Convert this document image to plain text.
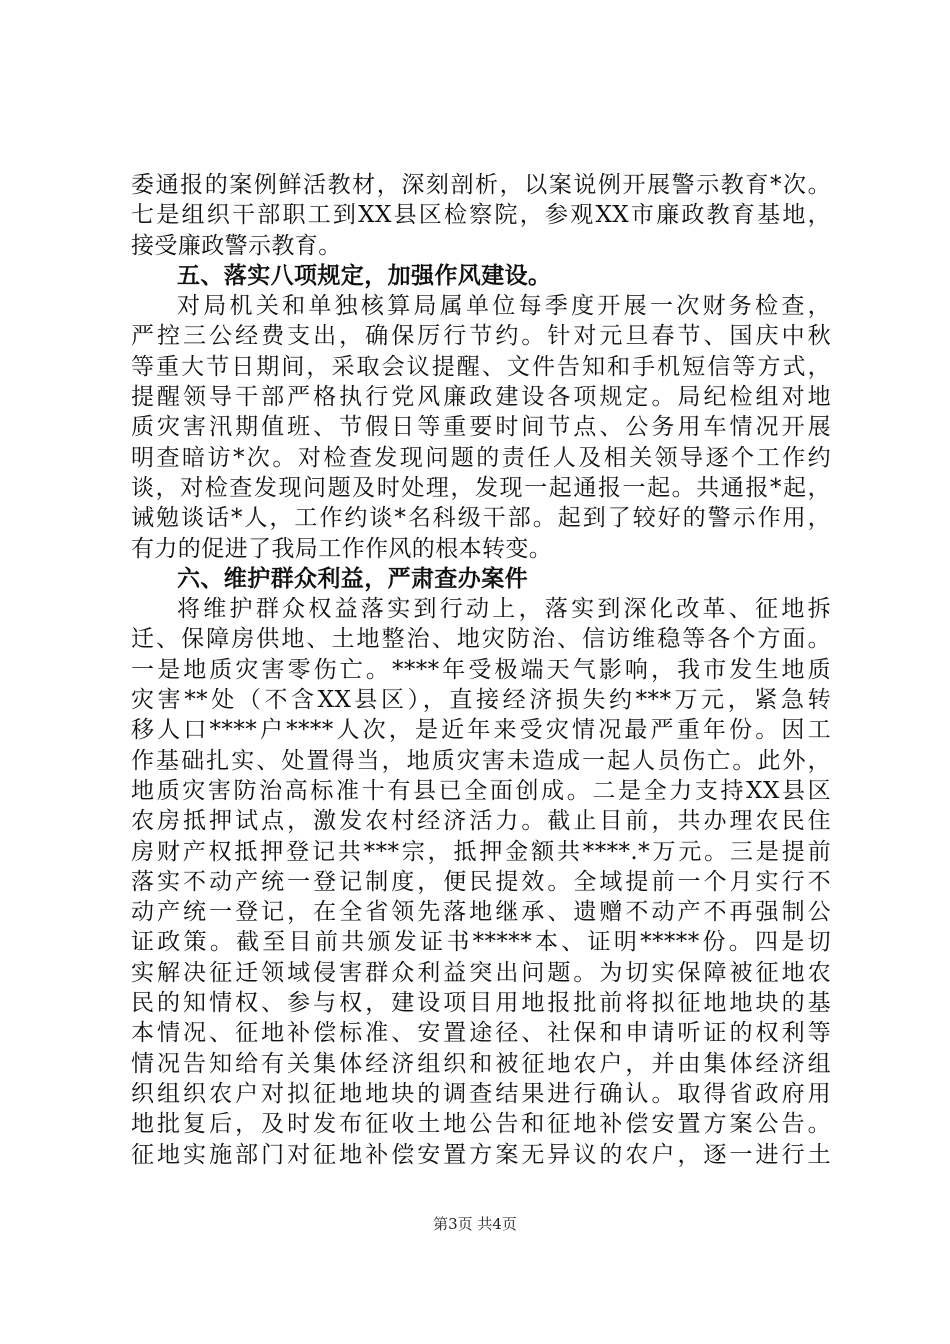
委通报的案例鲜活教材，深刻剖析，以案说例开展警示教育*次。
七是组织干部职工到XX县区检察院，参观XX市廉政教育基地，
接受廉政警示教育。
五、落实八项规定，加强作风建设。
对局机关和单独核算局属单位每季度开展一次财务检查，
严控三公经费支出，确保厉行节约。针对元旦春节、国庆中秋
等重大节日期间，采取会议提醒、文件告知和手机短信等方式，
提醒领导干部严格执行党风廉政建设各项规定。局纪检组对地
质灾害汛期值班、节假日等重要时间节点、公务用车情况开展
明查暗访*次。对检查发现问题的责任人及相关领导逐个工作约
谈，对检查发现问题及时处理，发现一起通报一起。共通报*起，
诫勉谈话*人，工作约谈*名科级干部。起到了较好的警示作用，
有力的促进了我局工作作风的根本转变。
六、维护群众利益，严肃查办案件
将维护群众权益落实到行动上，落实到深化改革、征地拆
迁、保障房供地、土地整治、地灾防治、信访维稳等各个方面。
一是地质灾害零伤亡。****年受极端天气影响，我市发生地质
灾害**处（不含XX县区），直接经济损失约***万元，紧急转
移人口****户****人次，是近年来受灾情况最严重年份。因工
作基础扎实、处置得当，地质灾害未造成一起人员伤亡。此外，
地质灾害防治高标准十有县已全面创成。二是全力支持XX县区
农房抵押试点，激发农村经济活力。截止目前，共办理农民住
房财产权抵押登记共***宗，抵押金额共****.*万元。三是提前
落实不动产统一登记制度，便民提效。全域提前一个月实行不
动产统一登记，在全省领先落地继承、遗赠不动产不再强制公
证政策。截至目前共颁发证书*****本、证明*****份。四是切
实解决征迁领域侵害群众利益突出问题。为切实保障被征地农
民的知情权、参与权，建设项目用地报批前将拟征地地块的基
本情况、征地补偿标准、安置途径、社保和申请听证的权利等
情况告知给有关集体经济组织和被征地农户，并由集体经济组
织组织农户对拟征地地块的调查结果进行确认。取得省政府用
地批复后，及时发布征收土地公告和征地补偿安置方案公告。
征地实施部门对征地补偿安置方案无异议的农户，逐一进行土
第3页 共4页
